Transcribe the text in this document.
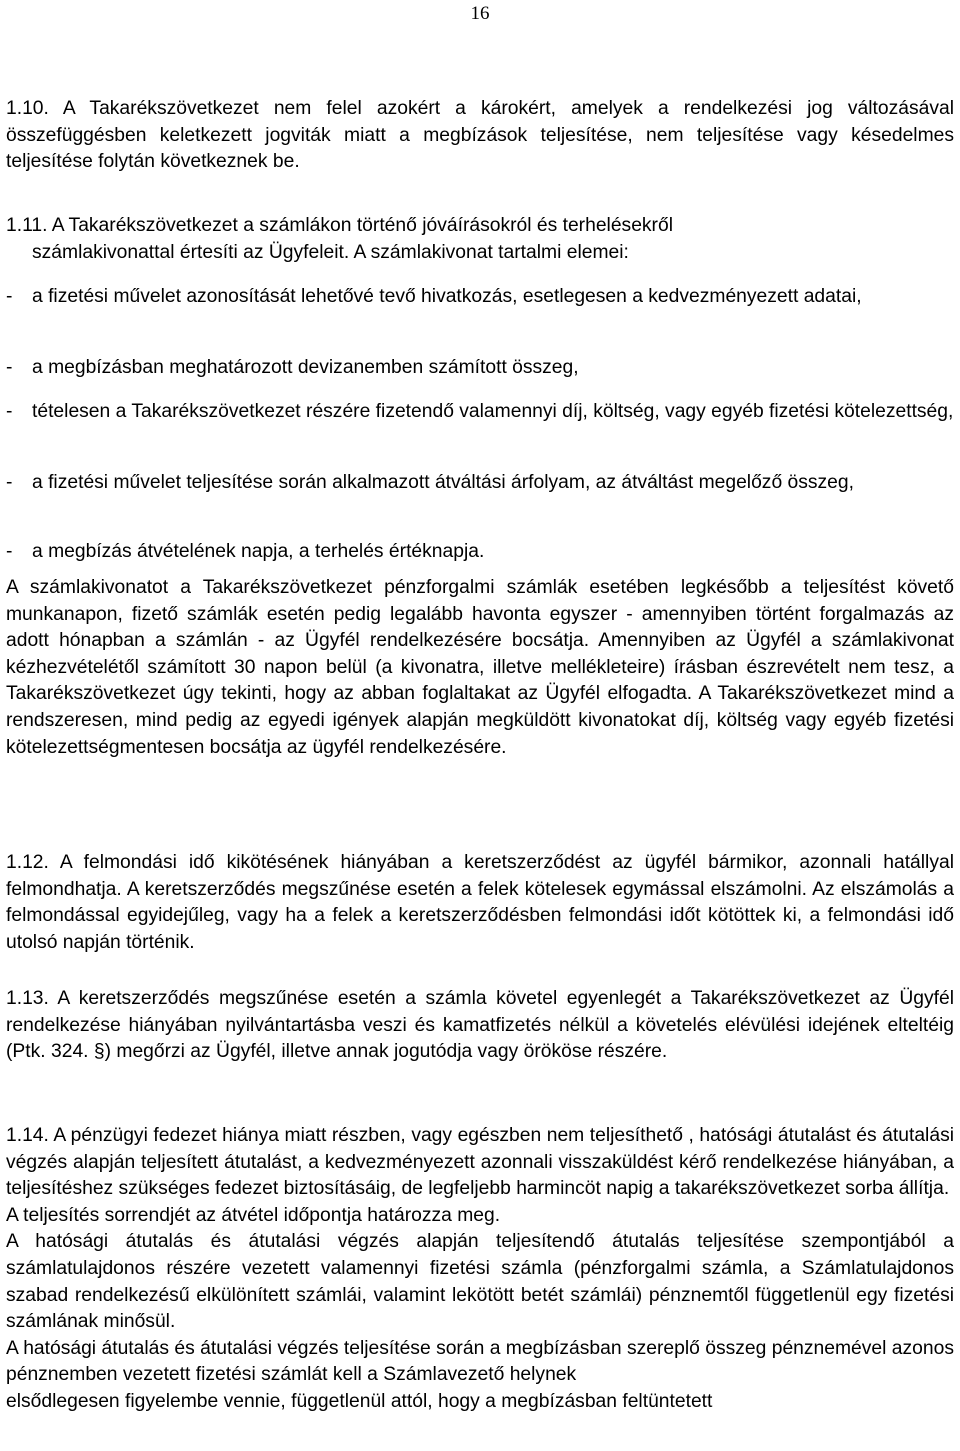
16
1.10. A Takarékszövetkezet nem felel azokért a károkért, amelyek a rendelkezési jog változásával összefüggésben keletkezett jogviták miatt a megbízások teljesítése, nem teljesítése vagy késedelmes teljesítése folytán következnek be.
1.11. A Takarékszövetkezet a számlákon történő jóváírásokról és terhelésekről
számlakivonattal értesíti az Ügyfeleit. A számlakivonat tartalmi elemei:
- a fizetési művelet azonosítását lehetővé tevő hivatkozás, esetlegesen a kedvezményezett adatai,
- a megbízásban meghatározott devizanemben számított összeg,
- tételesen a Takarékszövetkezet részére fizetendő valamennyi díj, költség, vagy egyéb fizetési kötelezettség,
- a fizetési művelet teljesítése során alkalmazott átváltási árfolyam, az átváltást megelőző összeg,
- a megbízás átvételének napja, a terhelés értéknapja.
A számlakivonatot a Takarékszövetkezet pénzforgalmi számlák esetében legkésőbb a teljesítést követő munkanapon, fizető számlák esetén pedig legalább havonta egyszer - amennyiben történt forgalmazás az adott hónapban a számlán - az Ügyfél rendelkezésére bocsátja. Amennyiben az Ügyfél a számlakivonat kézhezvételétől számított 30 napon belül (a kivonatra, illetve mellékleteire) írásban észrevételt nem tesz, a Takarékszövetkezet úgy tekinti, hogy az abban foglaltakat az Ügyfél elfogadta. A Takarékszövetkezet mind a rendszeresen, mind pedig az egyedi igények alapján megküldött kivonatokat díj, költség vagy egyéb fizetési kötelezettségmentesen bocsátja az ügyfél rendelkezésére.
1.12. A felmondási idő kikötésének hiányában a keretszerződést az ügyfél bármikor, azonnali hatállyal felmondhatja. A keretszerződés megszűnése esetén a felek kötelesek egymással elszámolni. Az elszámolás a felmondással egyidejűleg, vagy ha a felek a keretszerződésben felmondási időt kötöttek ki, a felmondási idő utolsó napján történik.
1.13. A keretszerződés megszűnése esetén a számla követel egyenlegét a Takarékszövetkezet az Ügyfél rendelkezése hiányában nyilvántartásba veszi és kamatfizetés nélkül a követelés elévülési idejének elteltéig (Ptk. 324. §) megőrzi az Ügyfél, illetve annak jogutódja vagy örököse részére.
1.14. A pénzügyi fedezet hiánya miatt részben, vagy egészben nem teljesíthető , hatósági átutalást és átutalási végzés alapján teljesített átutalást, a kedvezményezett azonnali visszaküldést kérő rendelkezése hiányában, a teljesítéshez szükséges fedezet biztosításáig, de legfeljebb harmincöt napig a takarékszövetkezet sorba állítja.
A teljesítés sorrendjét az átvétel időpontja határozza meg.
A hatósági átutalás és átutalási végzés alapján teljesítendő átutalás teljesítése szempontjából a számlatulajdonos részére vezetett valamennyi fizetési számla (pénzforgalmi számla, a Számlatulajdonos szabad rendelkezésű elkülönített számlái, valamint lekötött betét számlái) pénznemtől függetlenül egy fizetési számlának minősül.
A hatósági átutalás és átutalási végzés teljesítése során a megbízásban szereplő összeg pénznemével azonos pénznemben vezetett fizetési számlát kell a Számlavezető helynek
elsődlegesen figyelembe vennie, függetlenül attól, hogy a megbízásban feltüntetett
